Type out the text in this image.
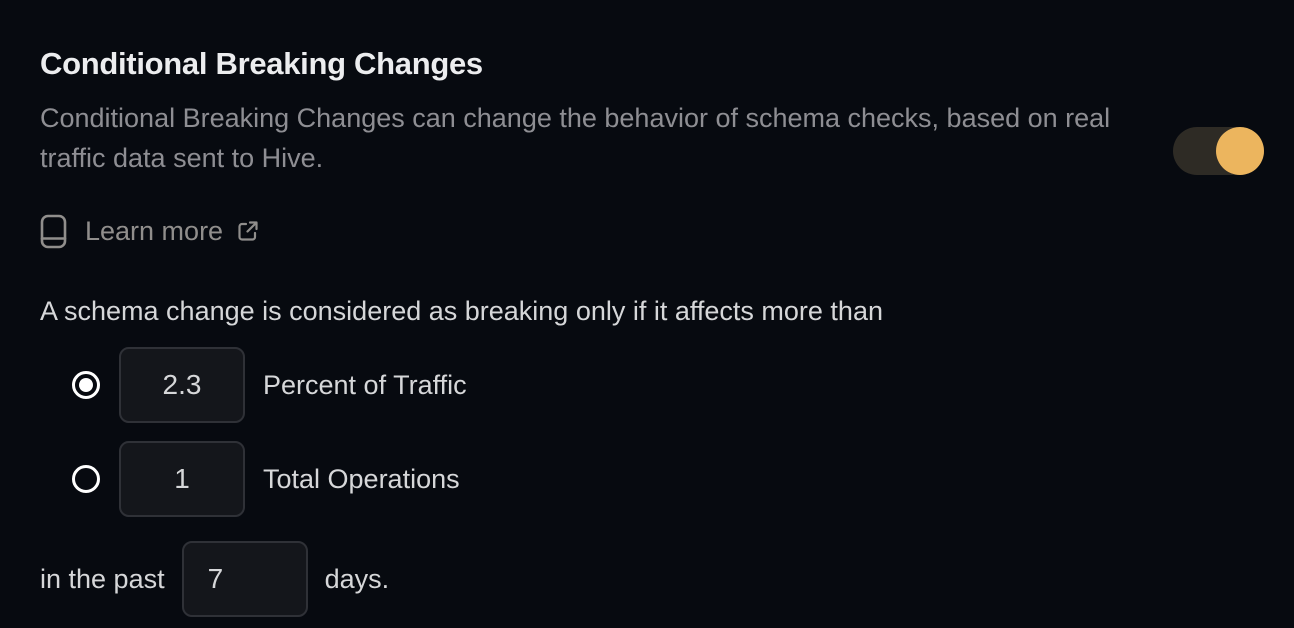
Conditional Breaking Changes

Conditional Breaking Changes can change the behavior of schema checks, based on real traffic data sent to Hive.

Learn more

A schema change is considered as breaking only if it affects more than

2.3
Percent of Traffic
1
Total Operations
in the past
7	days.
